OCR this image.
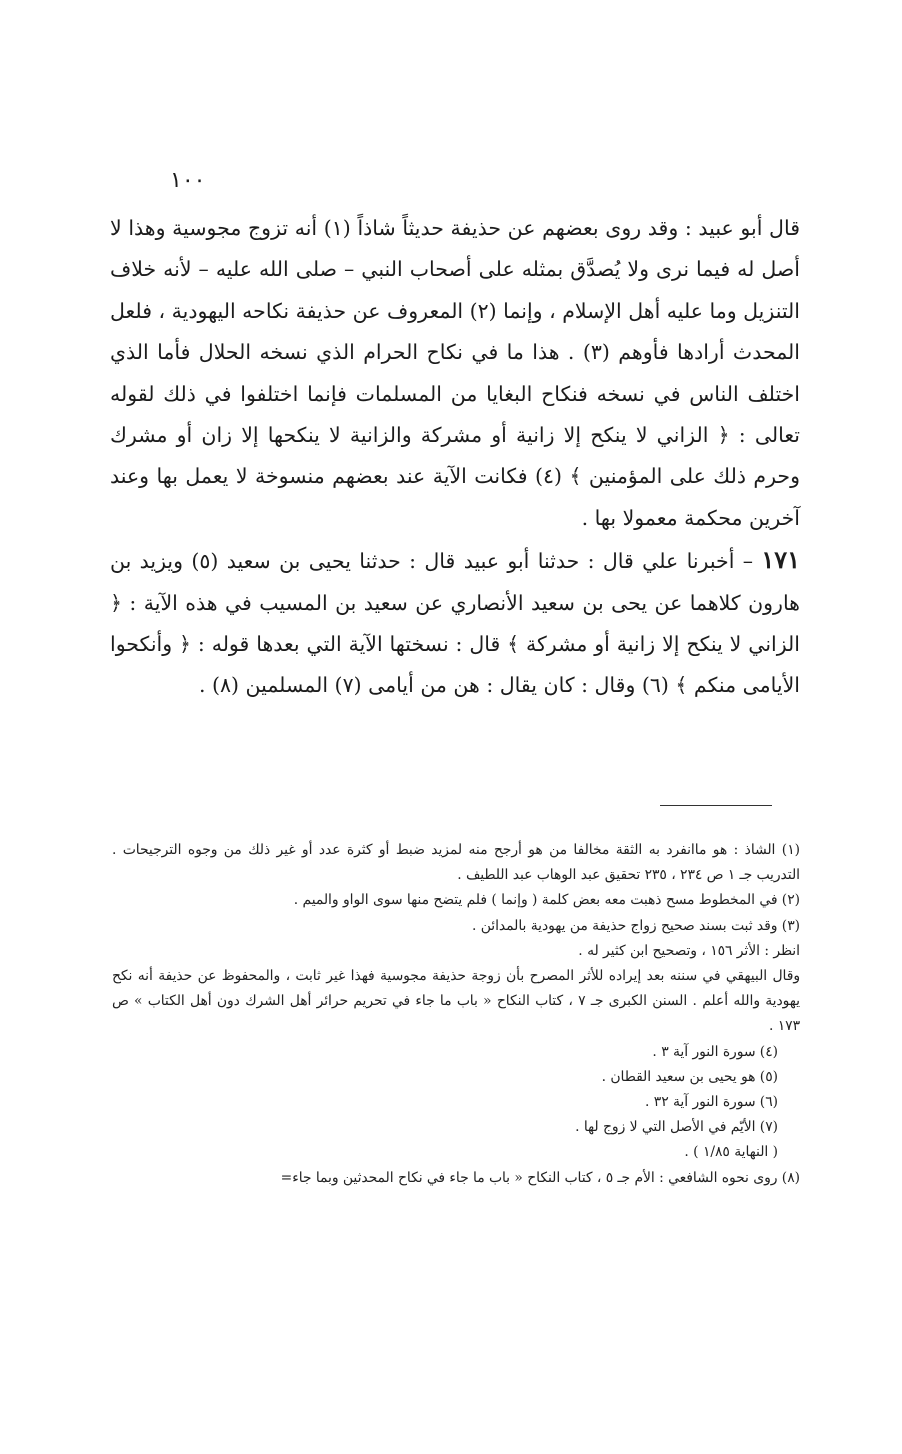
١٠٠

قال أبو عبيد : وقد روى بعضهم عن حذيفة حديثاً شاذاً (١) أنه تزوج مجوسية وهذا لا أصل له فيما نرى ولا يُصدَّق بمثله على أصحاب النبي – صلى الله عليه – لأنه خلاف التنزيل وما عليه أهل الإسلام ، وإنما (٢) المعروف عن حذيفة نكاحه اليهودية ، فلعل المحدث أرادها فأوهم (٣) . هذا ما في نكاح الحرام الذي نسخه الحلال فأما الذي اختلف الناس في نسخه فنكاح البغايا من المسلمات فإنما اختلفوا في ذلك لقوله تعالى : ﴿ الزاني لا ينكح إلا زانية أو مشركة والزانية لا ينكحها إلا زان أو مشرك وحرم ذلك على المؤمنين ﴾ (٤) فكانت الآية عند بعضهم منسوخة لا يعمل بها وعند آخرين محكمة معمولا بها .

١٧١ – أخبرنا علي قال : حدثنا أبو عبيد قال : حدثنا يحيى بن سعيد (٥) ويزيد بن هارون كلاهما عن يحى بن سعيد الأنصاري عن سعيد بن المسيب في هذه الآية : ﴿ الزاني لا ينكح إلا زانية أو مشركة ﴾ قال : نسختها الآية التي بعدها قوله : ﴿ وأنكحوا الأيامى منكم ﴾ (٦) وقال : كان يقال : هن من أيامى (٧) المسلمين (٨) .

(١) الشاذ : هو ماانفرد به الثقة مخالفا من هو أرجح منه لمزيد ضبط أو كثرة عدد أو غير ذلك من وجوه الترجيحات . التدريب جـ ١ ص ٢٣٤ ، ٢٣٥ تحقيق عبد الوهاب عبد اللطيف .

(٢) في المخطوط مسح ذهبت معه بعض كلمة ( وإنما ) فلم يتضح منها سوى الواو والميم .

(٣) وقد ثبت بسند صحيح زواج حذيفة من يهودية بالمدائن .

انظر : الأثر ١٥٦ ، وتصحيح ابن كثير له .

وقال البيهقي في سننه بعد إيراده للأثر المصرح بأن زوجة حذيفة مجوسية فهذا غير ثابت ، والمحفوظ عن حذيفة أنه نكح يهودية والله أعلم . السنن الكبرى جـ ٧ ، كتاب النكاح « باب ما جاء في تحريم حرائر أهل الشرك دون أهل الكتاب » ص ١٧٣ .

(٤) سورة النور آية ٣ .

(٥) هو يحيى بن سعيد القطان .

(٦) سورة النور آية ٣٢ .

(٧) الأيّم في الأصل التي لا زوج لها .

( النهاية ١/٨٥ ) .

(٨) روى نحوه الشافعي : الأم جـ ٥ ، كتاب النكاح « باب ما جاء في نكاح المحدثين وبما جاء=
